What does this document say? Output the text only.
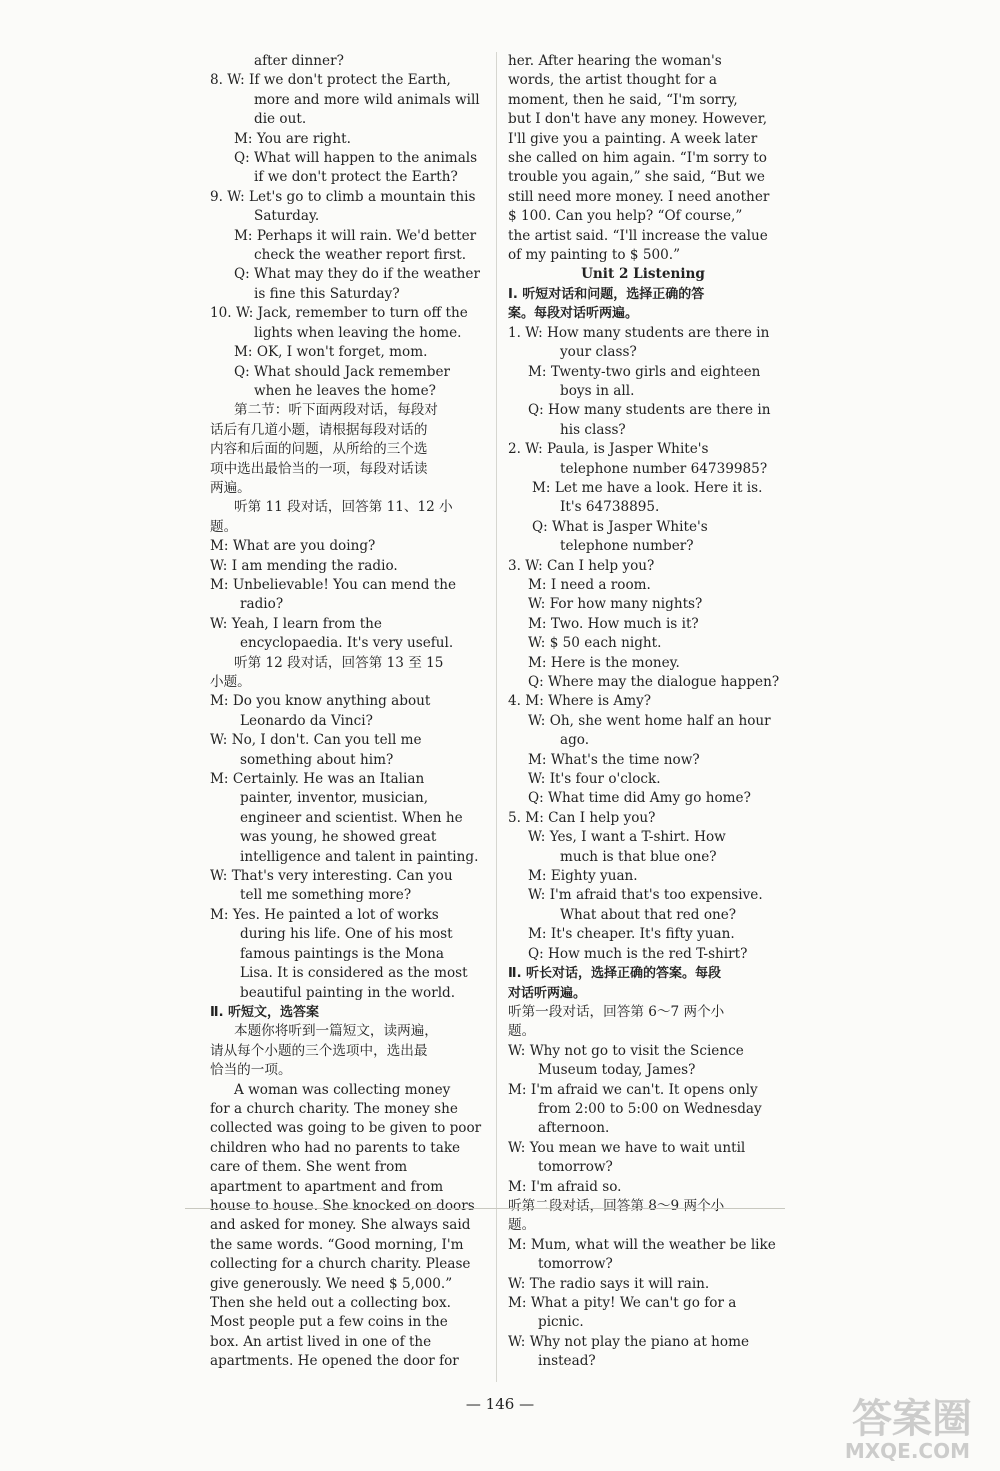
after dinner?
8. W: If we don't protect the Earth,
more and more wild animals will
die out.
M: You are right.
Q: What will happen to the animals
if we don't protect the Earth?
9. W: Let's go to climb a mountain this
Saturday.
M: Perhaps it will rain. We'd better
check the weather report first.
Q: What may they do if the weather
is fine this Saturday?
10. W: Jack, remember to turn off the
lights when leaving the home.
M: OK, I won't forget, mom.
Q: What should Jack remember
when he leaves the home?
第二节：听下面两段对话，每段对
话后有几道小题，请根据每段对话的
内容和后面的问题，从所给的三个选
项中选出最恰当的一项，每段对话读
两遍。
听第 11 段对话，回答第 11、12 小
题。
M: What are you doing?
W: I am mending the radio.
M: Unbelievable! You can mend the
radio?
W: Yeah, I learn from the
encyclopaedia. It's very useful.
听第 12 段对话，回答第 13 至 15
小题。
M: Do you know anything about
Leonardo da Vinci?
W: No, I don't. Can you tell me
something about him?
M: Certainly. He was an Italian
painter, inventor, musician,
engineer and scientist. When he
was young, he showed great
intelligence and talent in painting.
W: That's very interesting. Can you
tell me something more?
M: Yes. He painted a lot of works
during his life. One of his most
famous paintings is the Mona
Lisa. It is considered as the most
beautiful painting in the world.
Ⅱ. 听短文，选答案
本题你将听到一篇短文，读两遍，
请从每个小题的三个选项中，选出最
恰当的一项。
A woman was collecting money
for a church charity. The money she
collected was going to be given to poor
children who had no parents to take
care of them. She went from
apartment to apartment and from
house to house. She knocked on doors
and asked for money. She always said
the same words. “Good morning, I'm
collecting for a church charity. Please
give generously. We need $ 5,000.”
Then she held out a collecting box.
Most people put a few coins in the
box. An artist lived in one of the
apartments. He opened the door for
her. After hearing the woman's
words, the artist thought for a
moment, then he said, “I'm sorry,
but I don't have any money. However,
I'll give you a painting. A week later
she called on him again. “I'm sorry to
trouble you again,” she said, “But we
still need more money. I need another
$ 100. Can you help? “Of course,”
the artist said. “I'll increase the value
of my painting to $ 500.”
Unit 2 Listening
Ⅰ. 听短对话和问题，选择正确的答
案。每段对话听两遍。
1. W: How many students are there in
your class?
M: Twenty-two girls and eighteen
boys in all.
Q: How many students are there in
his class?
2. W: Paula, is Jasper White's
telephone number 64739985?
M: Let me have a look. Here it is.
It's 64738895.
Q: What is Jasper White's
telephone number?
3. W: Can I help you?
M: I need a room.
W: For how many nights?
M: Two. How much is it?
W: $ 50 each night.
M: Here is the money.
Q: Where may the dialogue happen?
4. M: Where is Amy?
W: Oh, she went home half an hour
ago.
M: What's the time now?
W: It's four o'clock.
Q: What time did Amy go home?
5. M: Can I help you?
W: Yes, I want a T-shirt. How
much is that blue one?
M: Eighty yuan.
W: I'm afraid that's too expensive.
What about that red one?
M: It's cheaper. It's fifty yuan.
Q: How much is the red T-shirt?
Ⅱ. 听长对话，选择正确的答案。每段
对话听两遍。
听第一段对话，回答第 6～7 两个小
题。
W: Why not go to visit the Science
Museum today, James?
M: I'm afraid we can't. It opens only
from 2:00 to 5:00 on Wednesday
afternoon.
W: You mean we have to wait until
tomorrow?
M: I'm afraid so.
听第二段对话，回答第 8～9 两个小
题。
M: Mum, what will the weather be like
tomorrow?
W: The radio says it will rain.
M: What a pity! We can't go for a
picnic.
W: Why not play the piano at home
instead?
— 146 —	答案圈
MXQE.COM
